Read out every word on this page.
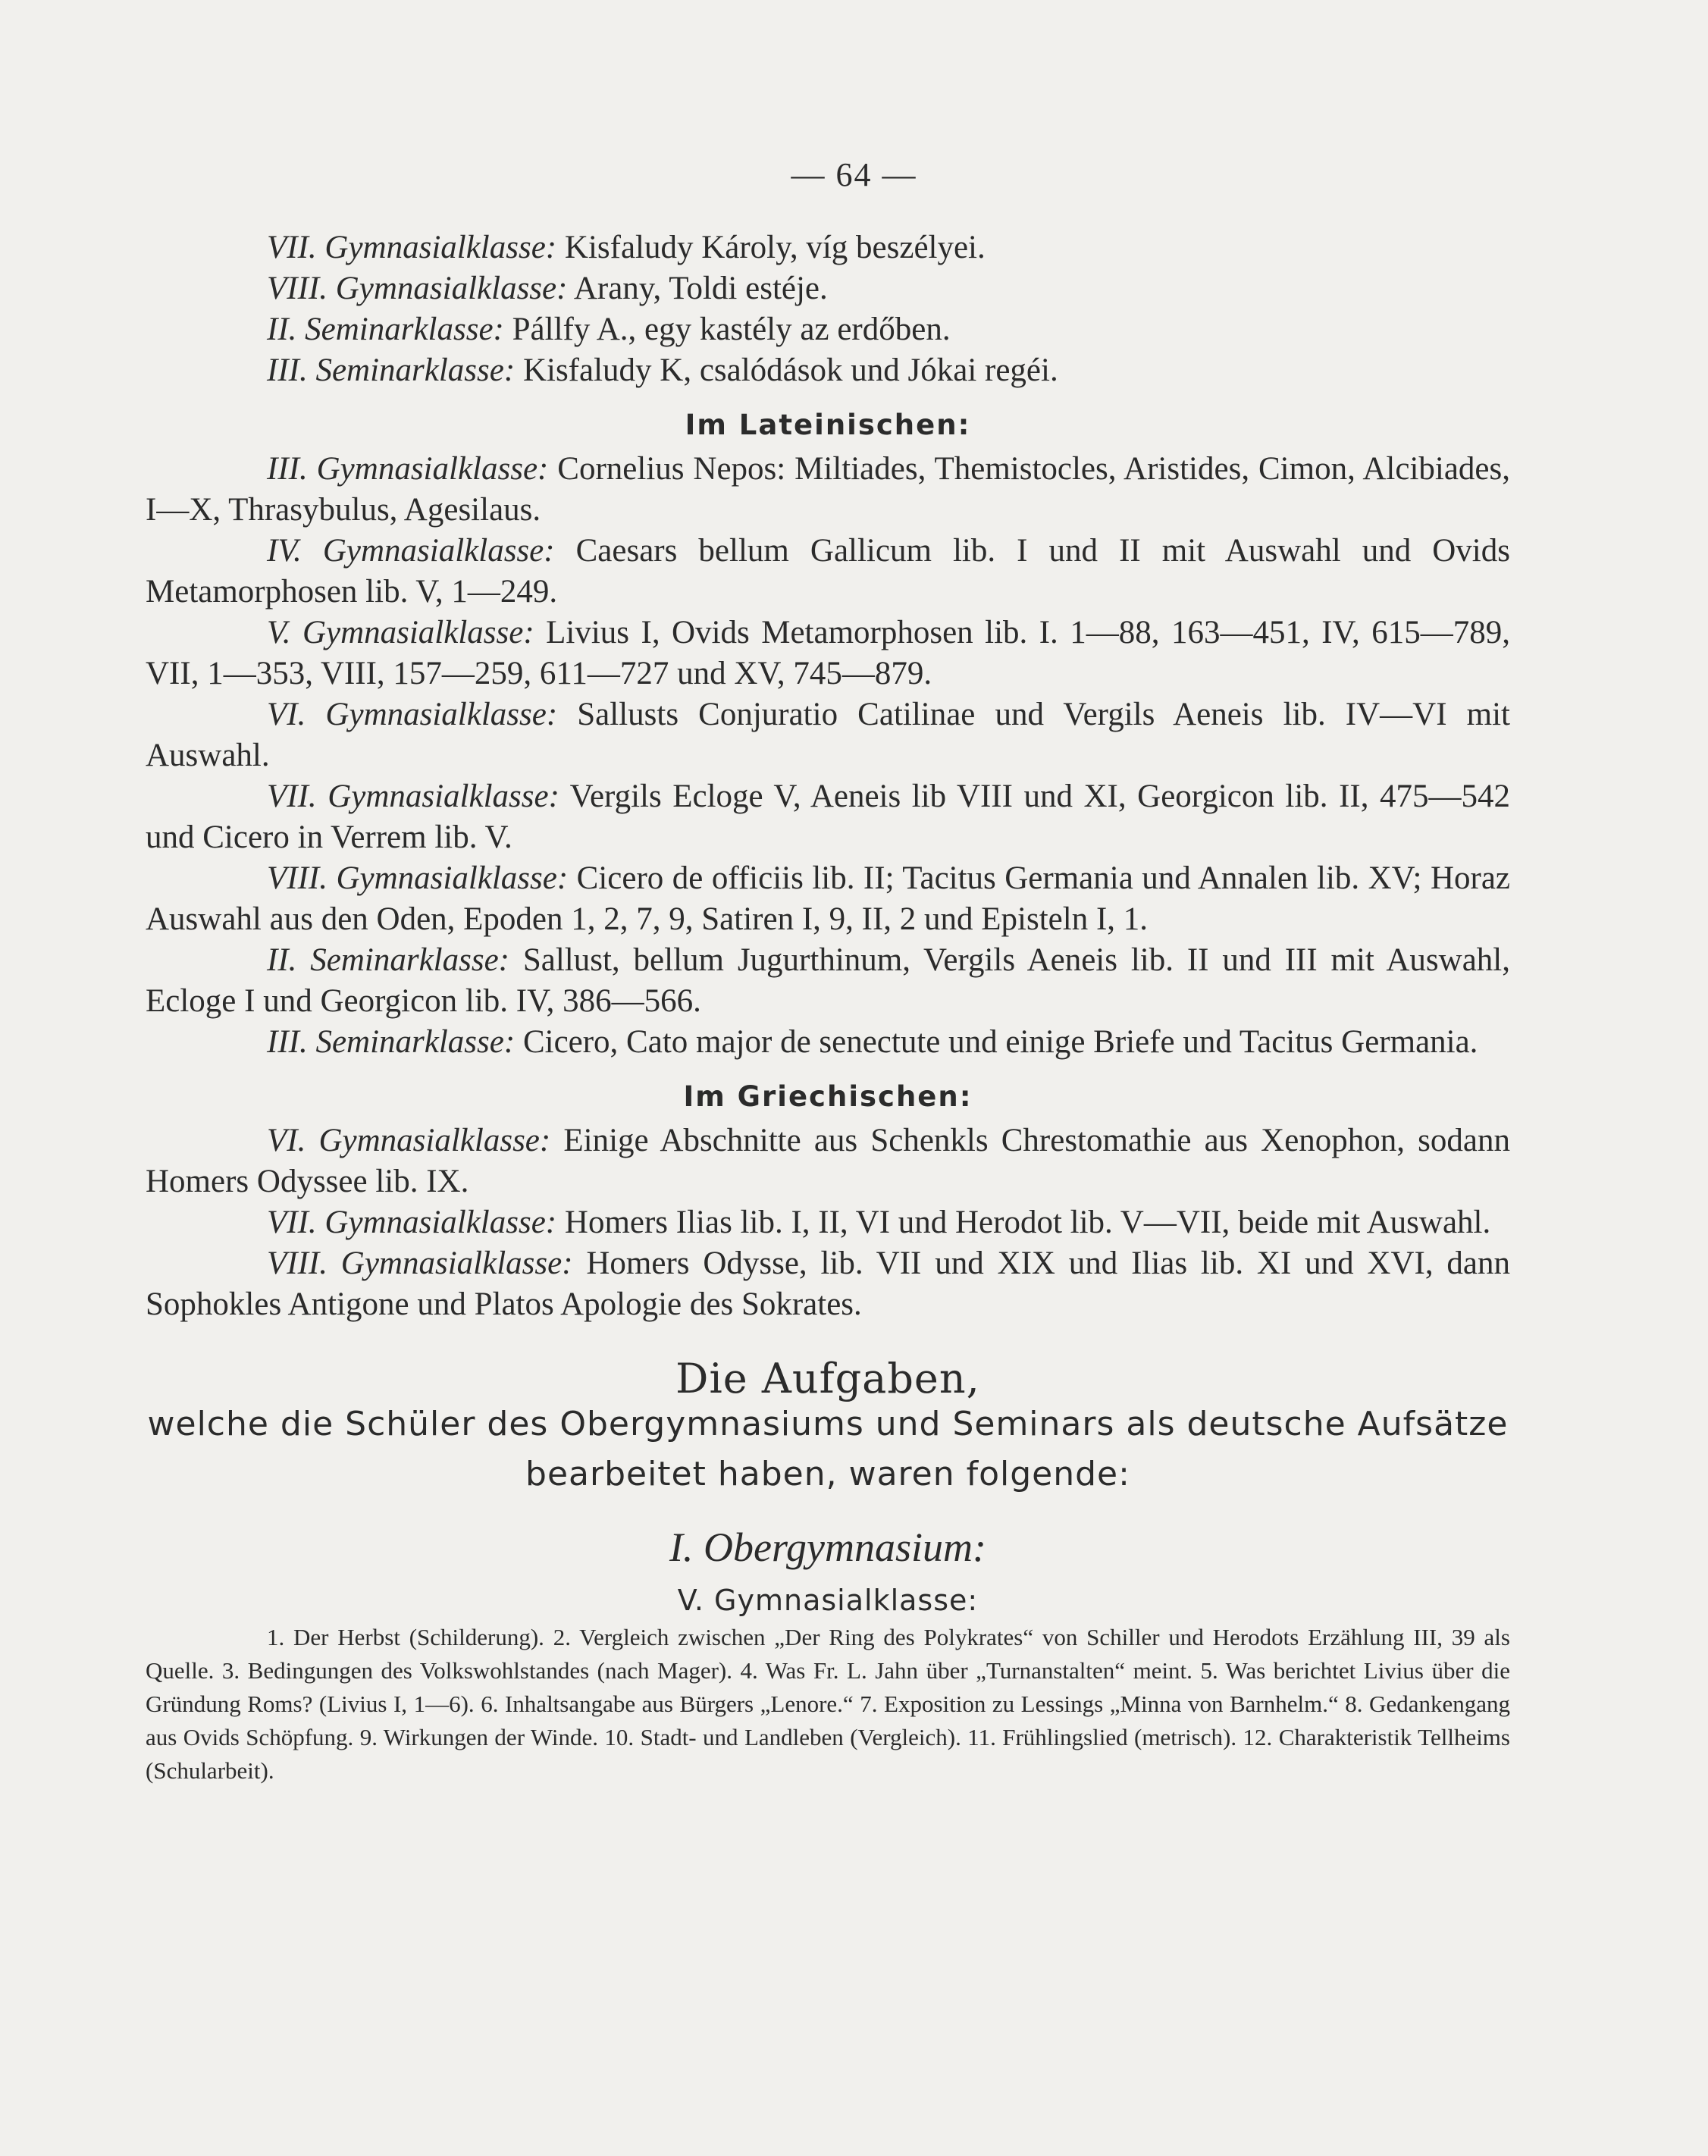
— 64 —

VII. Gymnasialklasse: Kisfaludy Károly, víg beszélyei.

VIII. Gymnasialklasse: Arany, Toldi estéje.

II. Seminarklasse: Pállfy A., egy kastély az erdőben.

III. Seminarklasse: Kisfaludy K, csalódások und Jókai regéi.

Im Lateinischen:

III. Gymnasialklasse: Cornelius Nepos: Miltiades, Themistocles, Aristides, Cimon, Alcibiades, I—X, Thrasybulus, Agesilaus.

IV. Gymnasialklasse: Caesars bellum Gallicum lib. I und II mit Auswahl und Ovids Metamorphosen lib. V, 1—249.

V. Gymnasialklasse: Livius I, Ovids Metamorphosen lib. I. 1—88, 163—451, IV, 615—789, VII, 1—353, VIII, 157—259, 611—727 und XV, 745—879.

VI. Gymnasialklasse: Sallusts Conjuratio Catilinae und Vergils Aeneis lib. IV—VI mit Auswahl.

VII. Gymnasialklasse: Vergils Ecloge V, Aeneis lib VIII und XI, Georgicon lib. II, 475—542 und Cicero in Verrem lib. V.

VIII. Gymnasialklasse: Cicero de officiis lib. II; Tacitus Germania und Annalen lib. XV; Horaz Auswahl aus den Oden, Epoden 1, 2, 7, 9, Satiren I, 9, II, 2 und Episteln I, 1.

II. Seminarklasse: Sallust, bellum Jugurthinum, Vergils Aeneis lib. II und III mit Auswahl, Ecloge I und Georgicon lib. IV, 386—566.

III. Seminarklasse: Cicero, Cato major de senectute und einige Briefe und Tacitus Germania.

Im Griechischen:

VI. Gymnasialklasse: Einige Abschnitte aus Schenkls Chrestomathie aus Xenophon, sodann Homers Odyssee lib. IX.

VII. Gymnasialklasse: Homers Ilias lib. I, II, VI und Herodot lib. V—VII, beide mit Auswahl.

VIII. Gymnasialklasse: Homers Odysse, lib. VII und XIX und Ilias lib. XI und XVI, dann Sophokles Antigone und Platos Apologie des Sokrates.

Die Aufgaben,
welche die Schüler des Obergymnasiums und Seminars als deutsche Aufsätze bearbeitet haben, waren folgende:
I. Obergymnasium:
V. Gymnasialklasse:

1. Der Herbst (Schilderung). 2. Vergleich zwischen „Der Ring des Polykrates“ von Schiller und Herodots Erzählung III, 39 als Quelle. 3. Bedingungen des Volkswohlstandes (nach Mager). 4. Was Fr. L. Jahn über „Turnanstalten“ meint. 5. Was berichtet Livius über die Gründung Roms? (Livius I, 1—6). 6. Inhaltsangabe aus Bürgers „Lenore.“ 7. Exposition zu Lessings „Minna von Barnhelm.“ 8. Gedankengang aus Ovids Schöpfung. 9. Wirkungen der Winde. 10. Stadt- und Landleben (Vergleich). 11. Frühlingslied (metrisch). 12. Charakteristik Tellheims (Schularbeit).
